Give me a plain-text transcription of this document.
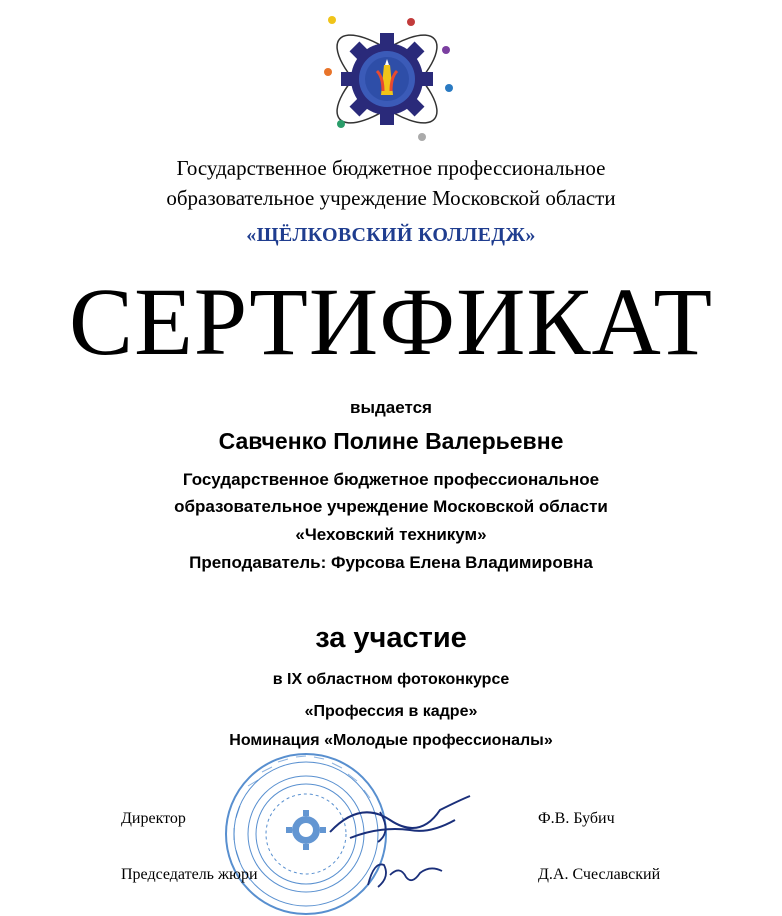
Государственное бюджетное профессиональное
образовательное учреждение Московской области
«ЩЁЛКОВСКИЙ КОЛЛЕДЖ»
СЕРТИФИКАТ
выдается
Савченко Полине Валерьевне
Государственное бюджетное профессиональное
образовательное учреждение Московской области
«Чеховский техникум»
Преподаватель: Фурсова Елена Владимировна
за участие
в IX областном фотоконкурсе
«Профессия в кадре»
Номинация «Молодые профессионалы»
Директор	Ф.В. Бубич
Председатель жюри	Д.А. Счеславский
